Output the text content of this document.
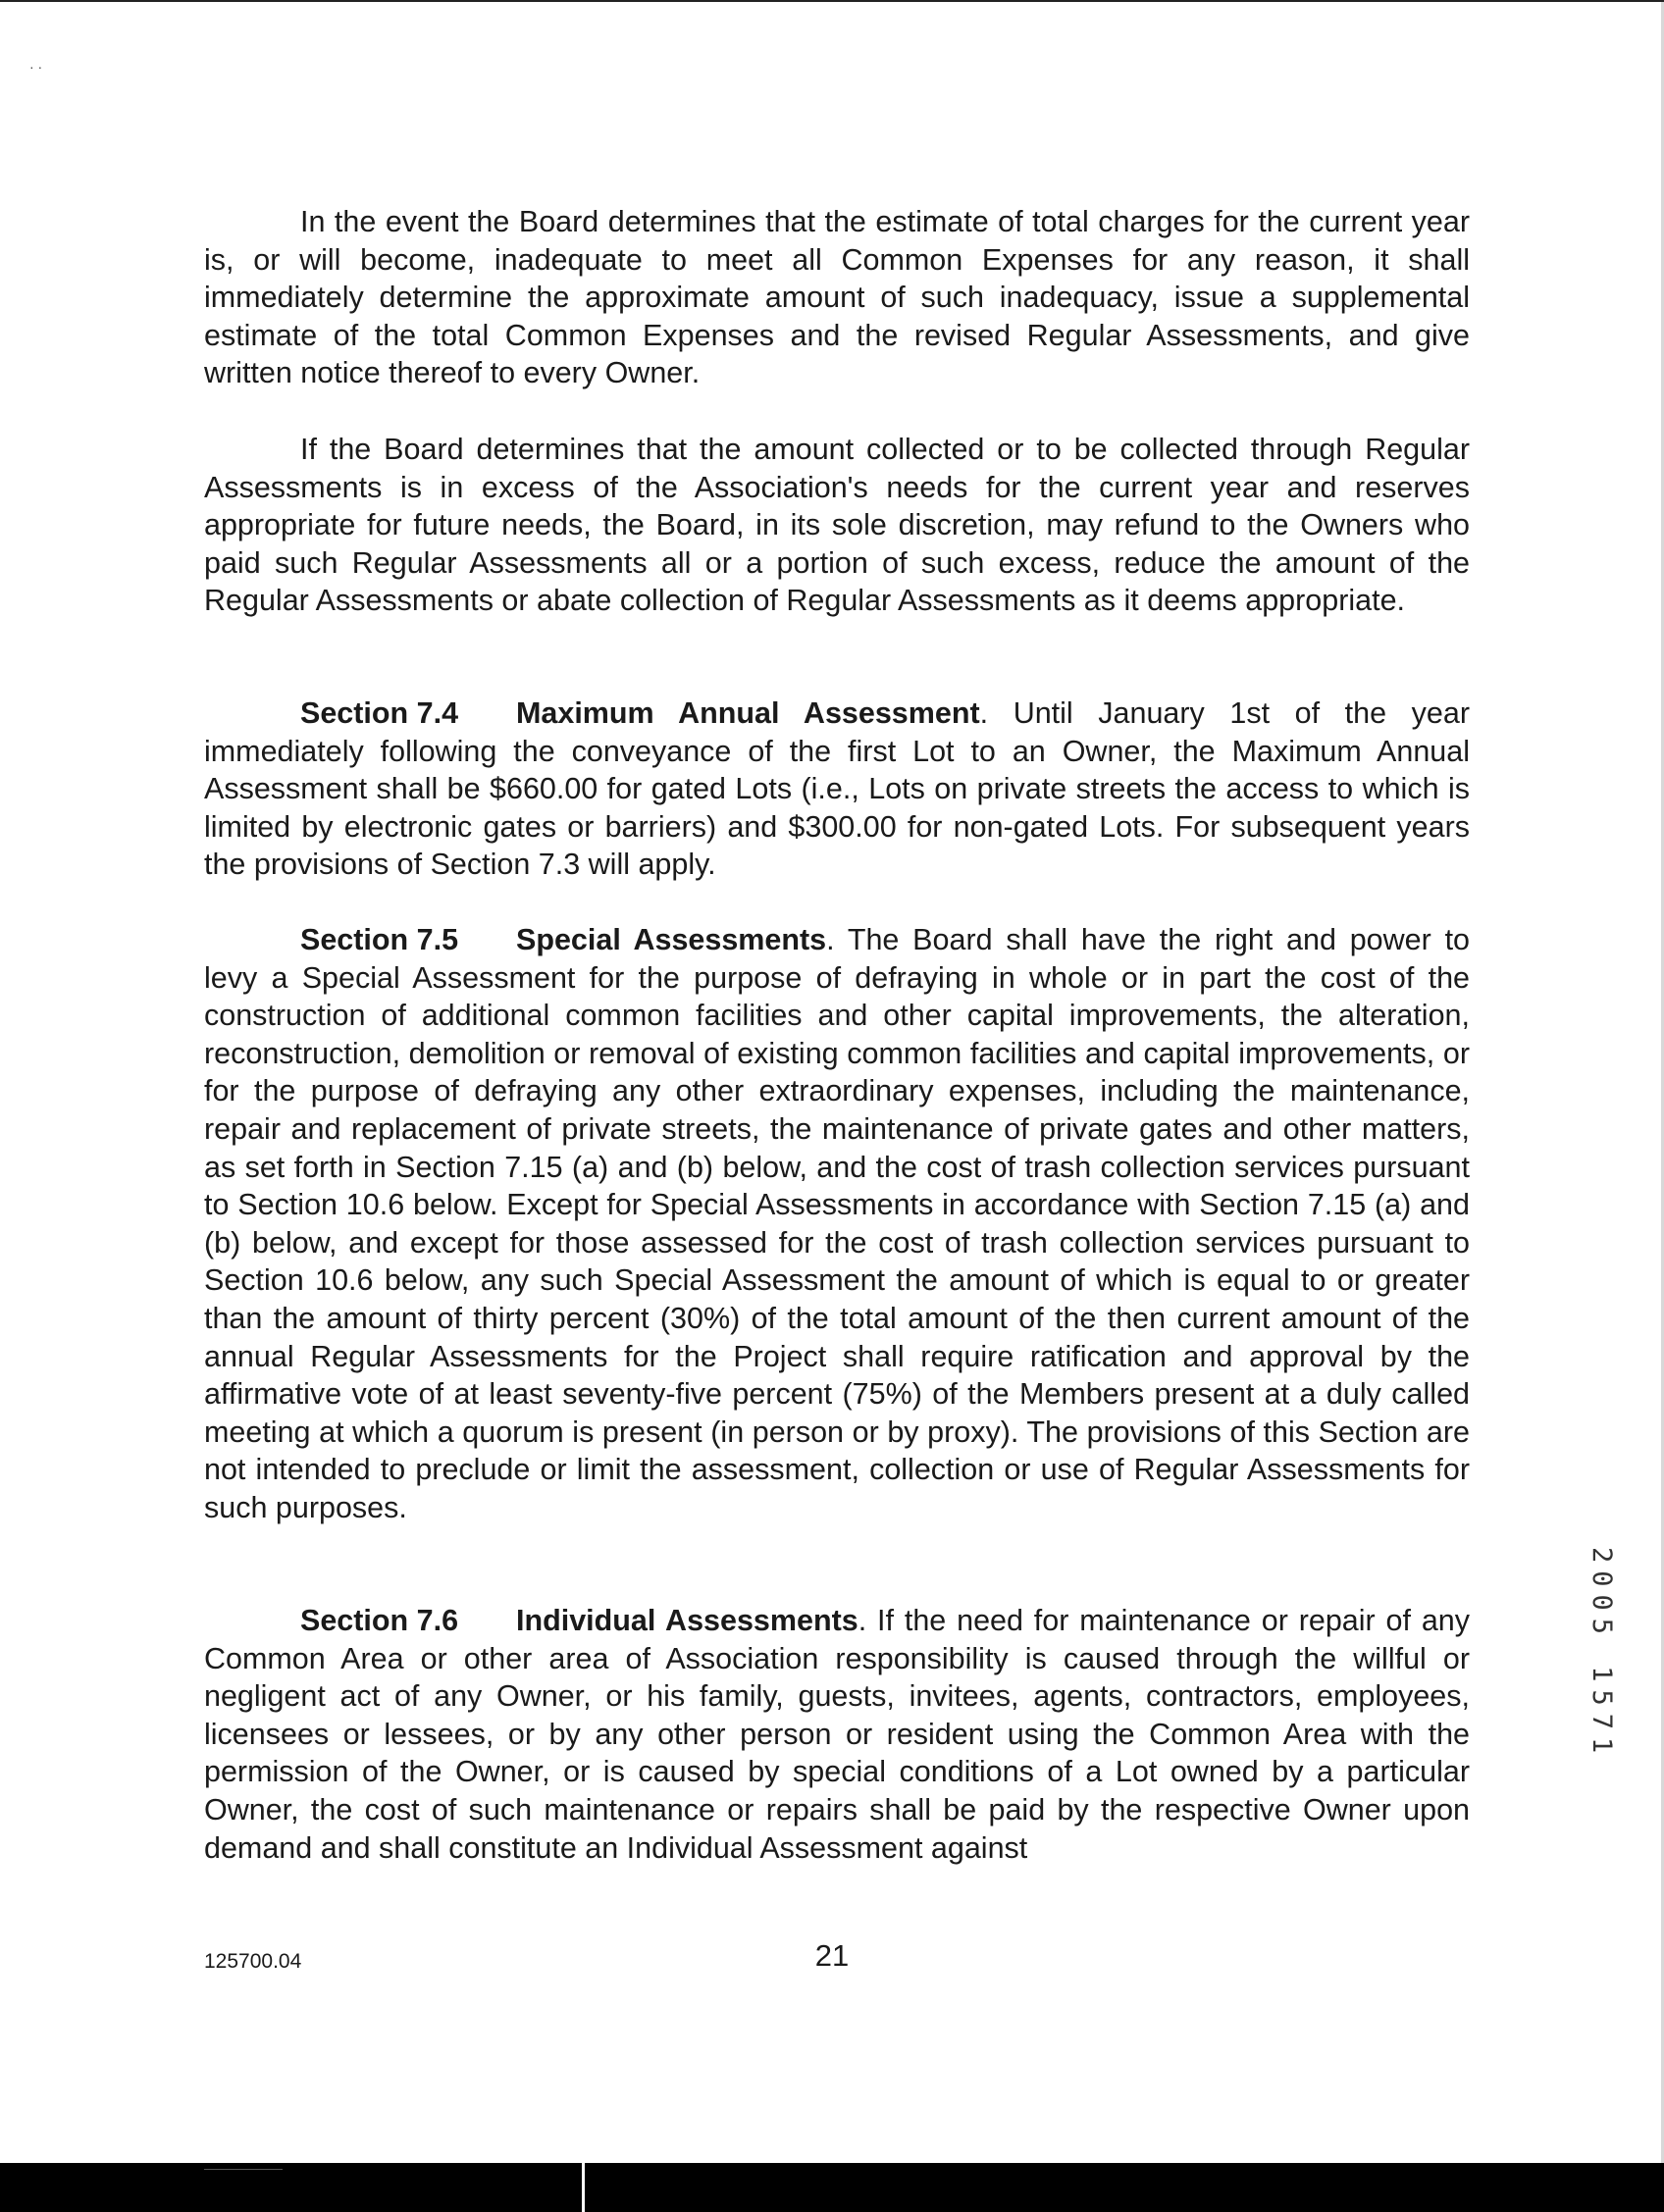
· ·

In the event the Board determines that the estimate of total charges for the current year is, or will become, inadequate to meet all Common Expenses for any reason, it shall immediately determine the approximate amount of such inadequacy, issue a supplemental estimate of the total Common Expenses and the revised Regular Assessments, and give written notice thereof to every Owner.

If the Board determines that the amount collected or to be collected through Regular Assessments is in excess of the Association's needs for the current year and reserves appropriate for future needs, the Board, in its sole discretion, may refund to the Owners who paid such Regular Assessments all or a portion of such excess, reduce the amount of the Regular Assessments or abate collection of Regular Assessments as it deems appropriate.

Section 7.4 Maximum Annual Assessment. Until January 1st of the year immediately following the conveyance of the first Lot to an Owner, the Maximum Annual Assessment shall be $660.00 for gated Lots (i.e., Lots on private streets the access to which is limited by electronic gates or barriers) and $300.00 for non-gated Lots. For subsequent years the provisions of Section 7.3 will apply.

Section 7.5 Special Assessments. The Board shall have the right and power to levy a Special Assessment for the purpose of defraying in whole or in part the cost of the construction of additional common facilities and other capital improvements, the alteration, reconstruction, demolition or removal of existing common facilities and capital improvements, or for the purpose of defraying any other extraordinary expenses, including the maintenance, repair and replacement of private streets, the maintenance of private gates and other matters, as set forth in Section 7.15 (a) and (b) below, and the cost of trash collection services pursuant to Section 10.6 below. Except for Special Assessments in accordance with Section 7.15 (a) and (b) below, and except for those assessed for the cost of trash collection services pursuant to Section 10.6 below, any such Special Assessment the amount of which is equal to or greater than the amount of thirty percent (30%) of the total amount of the then current amount of the annual Regular Assessments for the Project shall require ratification and approval by the affirmative vote of at least seventy-five percent (75%) of the Members present at a duly called meeting at which a quorum is present (in person or by proxy). The provisions of this Section are not intended to preclude or limit the assessment, collection or use of Regular Assessments for such purposes.

Section 7.6 Individual Assessments. If the need for maintenance or repair of any Common Area or other area of Association responsibility is caused through the willful or negligent act of any Owner, or his family, guests, invitees, agents, contractors, employees, licensees or lessees, or by any other person or resident using the Common Area with the permission of the Owner, or is caused by special conditions of a Lot owned by a particular Owner, the cost of such maintenance or repairs shall be paid by the respective Owner upon demand and shall constitute an Individual Assessment against

125700.04	21
2005 1571
